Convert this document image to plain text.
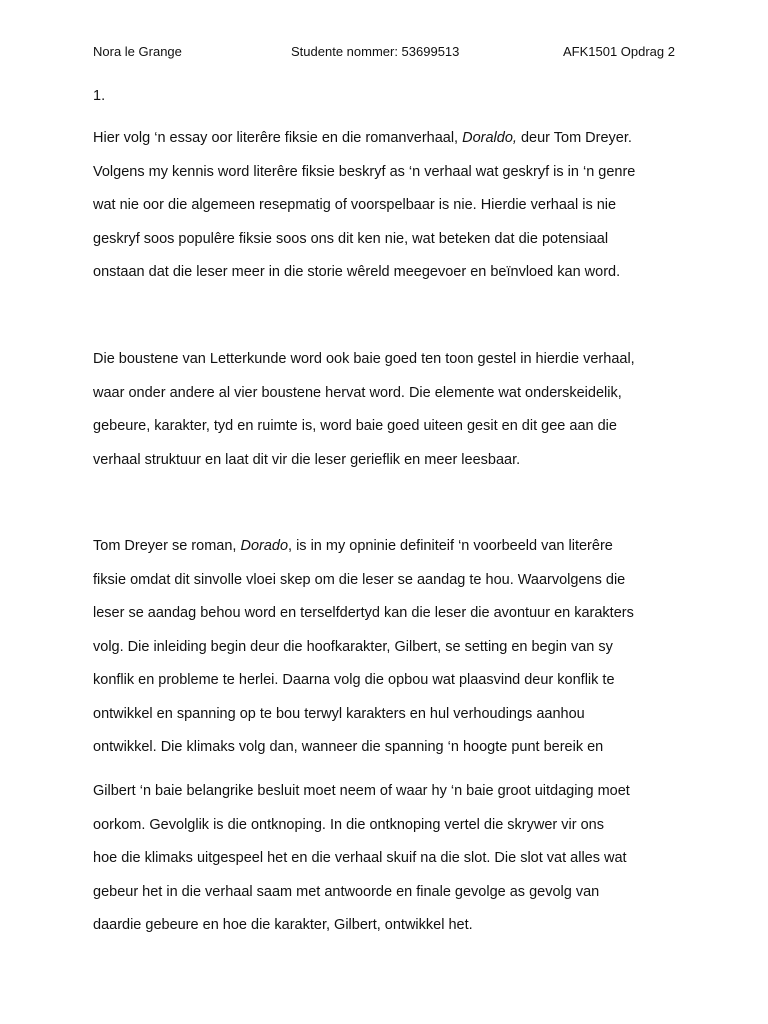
Nora le Grange	Studente nommer: 53699513	AFK1501 Opdrag 2
1.
Hier volg ‘n essay oor literêre fiksie en die romanverhaal, Doraldo, deur Tom Dreyer.
Volgens my kennis word literêre fiksie beskryf as ‘n verhaal wat geskryf is in ‘n genre
wat nie oor die algemeen resepmatig of voorspelbaar is nie. Hierdie verhaal is nie
geskryf soos populêre fiksie soos ons dit ken nie, wat beteken dat die potensiaal
onstaan dat die leser meer in die storie wêreld meegevoer en beïnvloed kan word.
Die boustene van Letterkunde word ook baie goed ten toon gestel in hierdie verhaal,
waar onder andere al vier boustene hervat word. Die elemente wat onderskeidelik,
gebeure, karakter, tyd en ruimte is, word baie goed uiteen gesit en dit gee aan die
verhaal struktuur en laat dit vir die leser gerieflik en meer leesbaar.
Tom Dreyer se roman, Dorado, is in my opninie definiteif ‘n voorbeeld van literêre
fiksie omdat dit sinvolle vloei skep om die leser se aandag te hou. Waarvolgens die
leser se aandag behou word en terselfdertyd kan die leser die avontuur en karakters
volg. Die inleiding begin deur die hoofkarakter, Gilbert, se setting en begin van sy
konflik en probleme te herlei. Daarna volg die opbou wat plaasvind deur konflik te
ontwikkel en spanning op te bou terwyl karakters en hul verhoudings aanhou
ontwikkel. Die klimaks volg dan, wanneer die spanning ‘n hoogte punt bereik en
Gilbert ‘n baie belangrike besluit moet neem of waar hy ‘n baie groot uitdaging moet
oorkom. Gevolglik is die ontknoping. In die ontknoping vertel die skrywer vir ons
hoe die klimaks uitgespeel het en die verhaal skuif na die slot. Die slot vat alles wat
gebeur het in die verhaal saam met antwoorde en finale gevolge as gevolg van
daardie gebeure en hoe die karakter, Gilbert, ontwikkel het.
